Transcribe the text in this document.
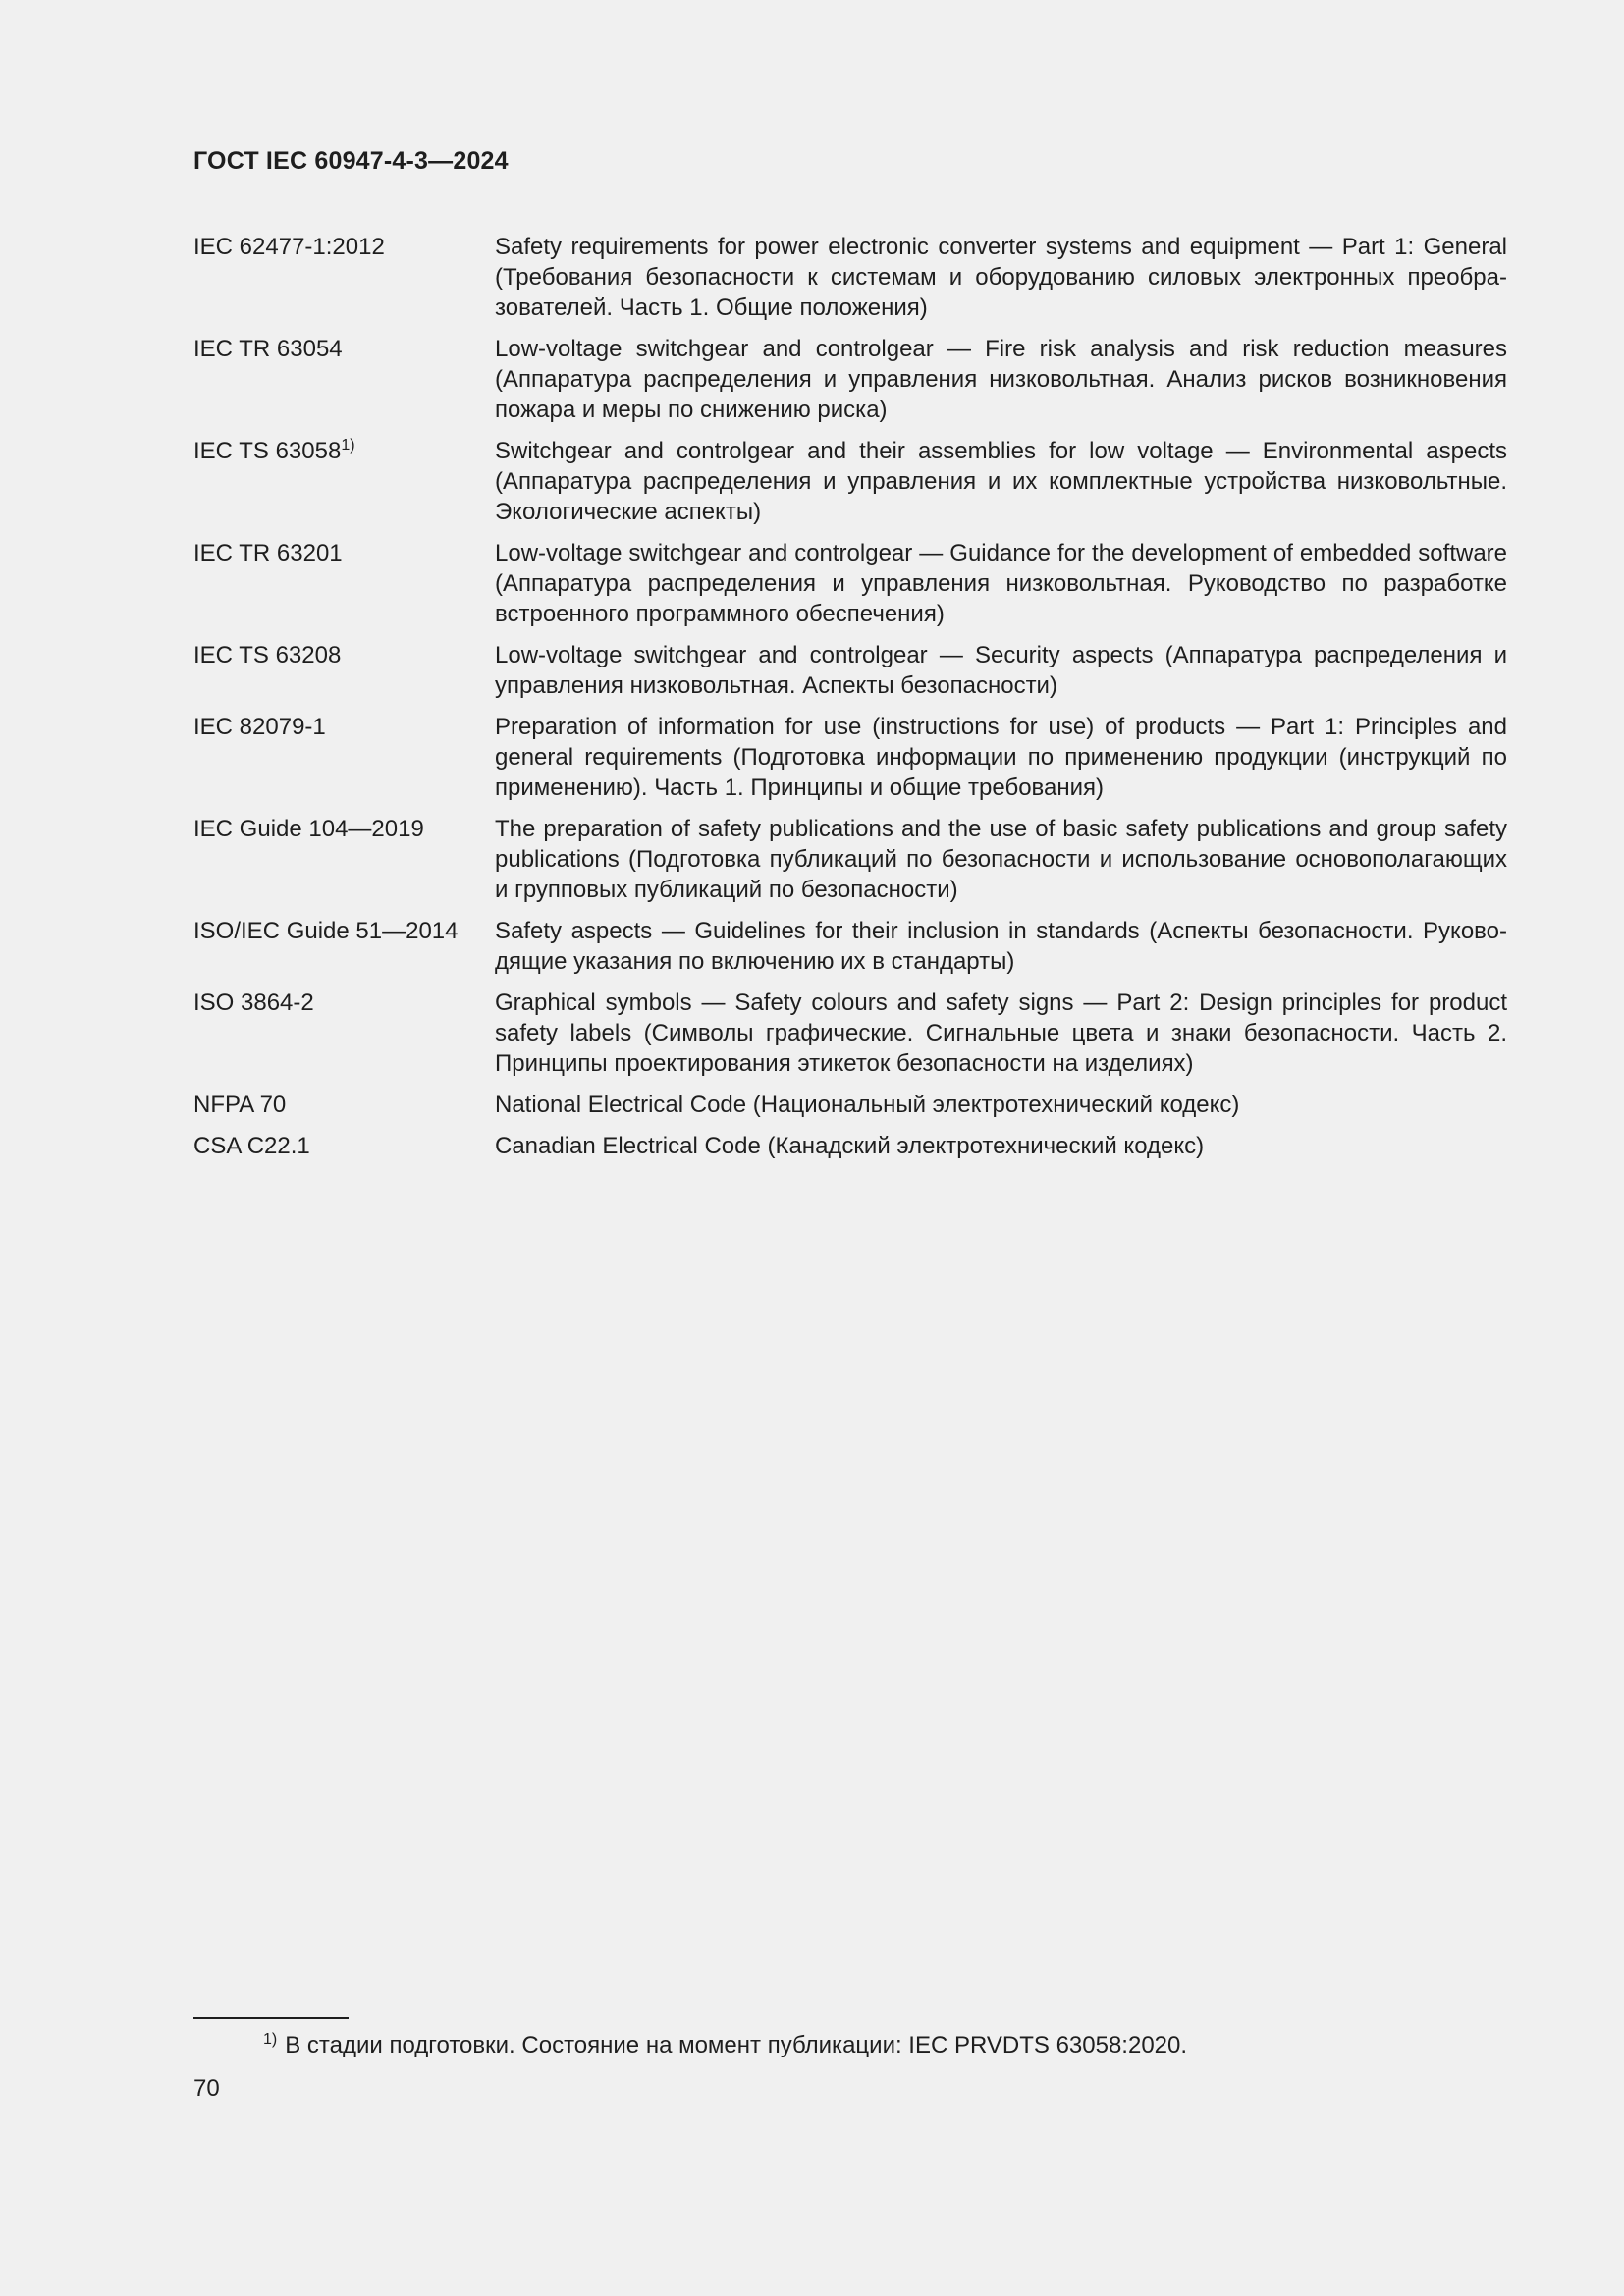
ГОСТ IEC 60947-4-3—2024
IEC 62477-1:2012	Safety requirements for power electronic converter systems and equipment — Part 1: General (Требования безопасности к системам и оборудованию силовых электронных преобразователей. Часть 1. Общие положения)
IEC TR 63054	Low-voltage switchgear and controlgear — Fire risk analysis and risk reduction measures (Аппаратура распределения и управления низковольтная. Анализ рисков возникновения пожара и меры по снижению риска)
IEC TS 63058$^{1)}$	Switchgear and controlgear and their assemblies for low voltage — Environmental aspects (Аппаратура распределения и управления и их комплектные устройства низковольтные. Экологические аспекты)
IEC TR 63201	Low-voltage switchgear and controlgear — Guidance for the development of embedded software (Аппаратура распределения и управления низковольтная. Руководство по разработке встроенного программного обеспечения)
IEC TS 63208	Low-voltage switchgear and controlgear — Security aspects (Аппаратура распределения и управления низковольтная. Аспекты безопасности)
IEC 82079-1	Preparation of information for use (instructions for use) of products — Part 1: Principles and general requirements (Подготовка информации по применению продукции (инструкций по применению). Часть 1. Принципы и общие требования)
IEC Guide 104—2019	The preparation of safety publications and the use of basic safety publications and group safety publications (Подготовка публикаций по безопасности и использование основополагающих и групповых публикаций по безопасности)
ISO/IEC Guide 51—2014	Safety aspects — Guidelines for their inclusion in standards (Аспекты безопасности. Руководящие указания по включению их в стандарты)
ISO 3864-2	Graphical symbols — Safety colours and safety signs — Part 2: Design principles for product safety labels (Символы графические. Сигнальные цвета и знаки безопасности. Часть 2. Принципы проектирования этикеток безопасности на изделиях)
NFPA 70	National Electrical Code (Национальный электротехнический кодекс)
CSA C22.1	Canadian Electrical Code (Канадский электротехнический кодекс)
$^{1)}$ В стадии подготовки. Состояние на момент публикации: IEC PRVDTS 63058:2020.
70
